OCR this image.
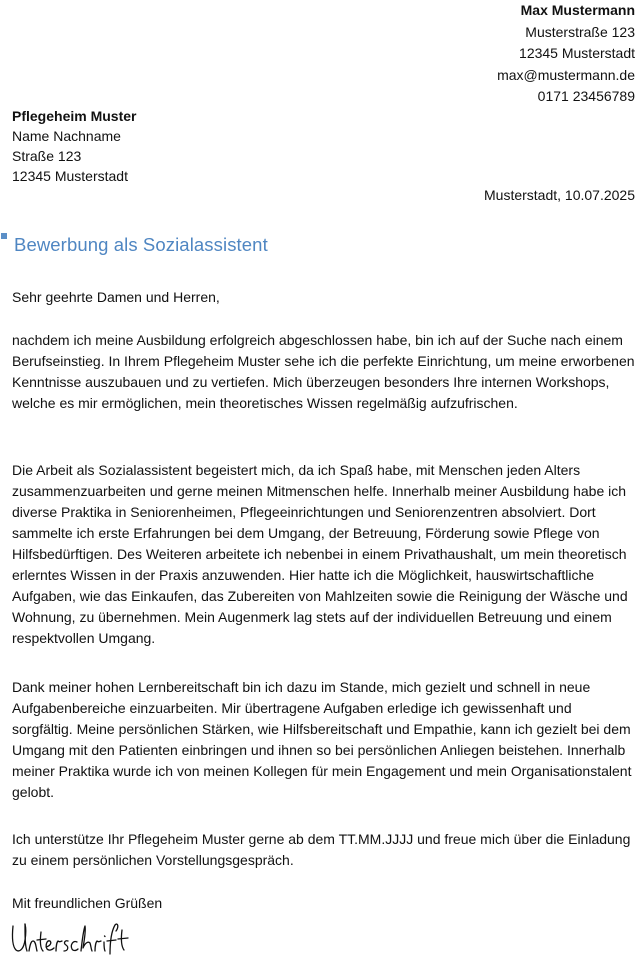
Max Mustermann
Musterstraße 123
12345 Musterstadt
max@mustermann.de
0171 23456789
Pflegeheim Muster
Name Nachname
Straße 123
12345 Musterstadt
Musterstadt, 10.07.2025
Bewerbung als Sozialassistent

Sehr geehrte Damen und Herren,

nachdem ich meine Ausbildung erfolgreich abgeschlossen habe, bin ich auf der Suche nach einem Berufseinstieg. In Ihrem Pflegeheim Muster sehe ich die perfekte Einrichtung, um meine erworbenen Kenntnisse auszubauen und zu vertiefen. Mich überzeugen besonders Ihre internen Workshops, welche es mir ermöglichen, mein theoretisches Wissen regelmäßig aufzufrischen.

Die Arbeit als Sozialassistent begeistert mich, da ich Spaß habe, mit Menschen jeden Alters zusammenzuarbeiten und gerne meinen Mitmenschen helfe. Innerhalb meiner Ausbildung habe ich diverse Praktika in Seniorenheimen, Pflegeeinrichtungen und Seniorenzentren absolviert. Dort sammelte ich erste Erfahrungen bei dem Umgang, der Betreuung, Förderung sowie Pflege von Hilfsbedürftigen. Des Weiteren arbeitete ich nebenbei in einem Privathaushalt, um mein theoretisch erlerntes Wissen in der Praxis anzuwenden. Hier hatte ich die Möglichkeit, hauswirtschaftliche Aufgaben, wie das Einkaufen, das Zubereiten von Mahlzeiten sowie die Reinigung der Wäsche und Wohnung, zu übernehmen. Mein Augenmerk lag stets auf der individuellen Betreuung und einem respektvollen Umgang.

Dank meiner hohen Lernbereitschaft bin ich dazu im Stande, mich gezielt und schnell in neue Aufgabenbereiche einzuarbeiten. Mir übertragene Aufgaben erledige ich gewissenhaft und sorgfältig. Meine persönlichen Stärken, wie Hilfsbereitschaft und Empathie, kann ich gezielt bei dem Umgang mit den Patienten einbringen und ihnen so bei persönlichen Anliegen beistehen. Innerhalb meiner Praktika wurde ich von meinen Kollegen für mein Engagement und mein Organisationstalent gelobt.

Ich unterstütze Ihr Pflegeheim Muster gerne ab dem TT.MM.JJJJ und freue mich über die Einladung zu einem persönlichen Vorstellungsgespräch.

Mit freundlichen Grüßen
